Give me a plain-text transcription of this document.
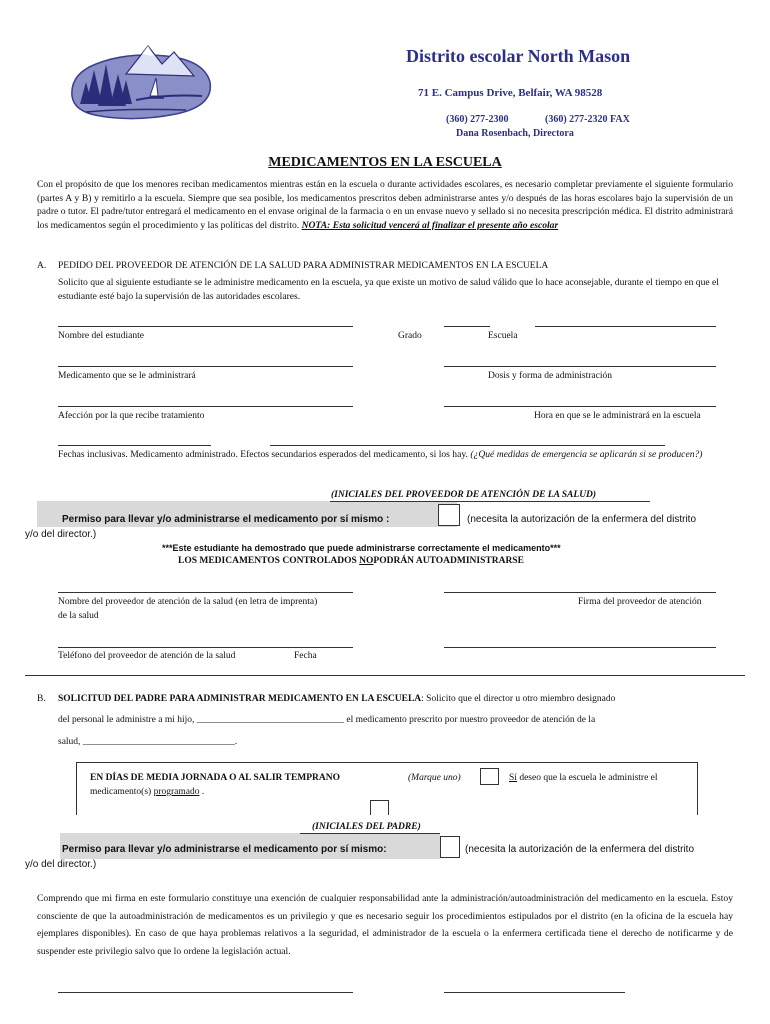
Distrito escolar North Mason
71 E. Campus Drive, Belfair, WA 98528
(360) 277-2300	(360) 277-2320 FAX
Dana Rosenbach, Directora
MEDICAMENTOS EN LA ESCUELA
Con el propósito de que los menores reciban medicamentos mientras están en la escuela o durante actividades escolares, es necesario completar previamente el siguiente formulario (partes A y B) y remitirlo a la escuela. Siempre que sea posible, los medicamentos prescritos deben administrarse antes y/o después de las horas escolares bajo la supervisión de un padre o tutor. El padre/tutor entregará el medicamento en el envase original de la farmacia o en un envase nuevo y sellado si no necesita prescripción médica. El distrito administrará los medicamentos según el procedimiento y las políticas del distrito. NOTA: Esta solicitud vencerá al finalizar el presente año escolar
A. PEDIDO DEL PROVEEDOR DE ATENCIÓN DE LA SALUD PARA ADMINISTRAR MEDICAMENTOS EN LA ESCUELA
Solicito que al siguiente estudiante se le administre medicamento en la escuela, ya que existe un motivo de salud válido que lo hace aconsejable, durante el tiempo en que el estudiante esté bajo la supervisión de las autoridades escolares.
Nombre del estudiante	Grado	Escuela
Medicamento que se le administrará	Dosis y forma de administración
Afección por la que recibe tratamiento	Hora en que se le administrará en la escuela
Fechas inclusivas. Medicamento administrado. Efectos secundarios esperados del medicamento, si los hay. (¿Qué medidas de emergencia se aplicarán si se producen?)
(INICIALES DEL PROVEEDOR DE ATENCIÓN DE LA SALUD)
Permiso para llevar y/o administrarse el medicamento por sí mismo :	(necesita la autorización de la enfermera del distrito
y/o del director.)
***Este estudiante ha demostrado que puede administrarse correctamente el medicamento***
LOS MEDICAMENTOS CONTROLADOS NOPODRÁN AUTOADMINISTRARSE
Nombre del proveedor de atención de la salud (en letra de imprenta)
de la salud
Firma del proveedor de atención
Teléfono del proveedor de atención de la salud	Fecha
B. SOLICITUD DEL PADRE PARA ADMINISTRAR MEDICAMENTO EN LA ESCUELA: Solicito que el director u otro miembro designado
del personal le administre a mi hijo, _______________________________ el medicamento prescrito por nuestro proveedor de atención de la
salud, ________________________________.
EN DÍAS DE MEDIA JORNADA O AL SALIR TEMPRANO	(Marque uno)	Sí deseo que la escuela le administre el
medicamento(s) programado .
(INICIALES DEL PADRE)
Permiso para llevar y/o administrarse el medicamento por sí mismo:	(necesita la autorización de la enfermera del distrito
y/o del director.)
Comprendo que mi firma en este formulario constituye una exención de cualquier responsabilidad ante la administración/autoadministración del medicamento en la escuela. Estoy consciente de que la autoadministración de medicamentos es un privilegio y que es necesario seguir los procedimientos estipulados por el distrito (en la oficina de la escuela hay ejemplares disponibles). En caso de que haya problemas relativos a la seguridad, el administrador de la escuela o la enfermera certificada tiene el derecho de notificarme y de suspender este privilegio salvo que lo ordene la legislación actual.
